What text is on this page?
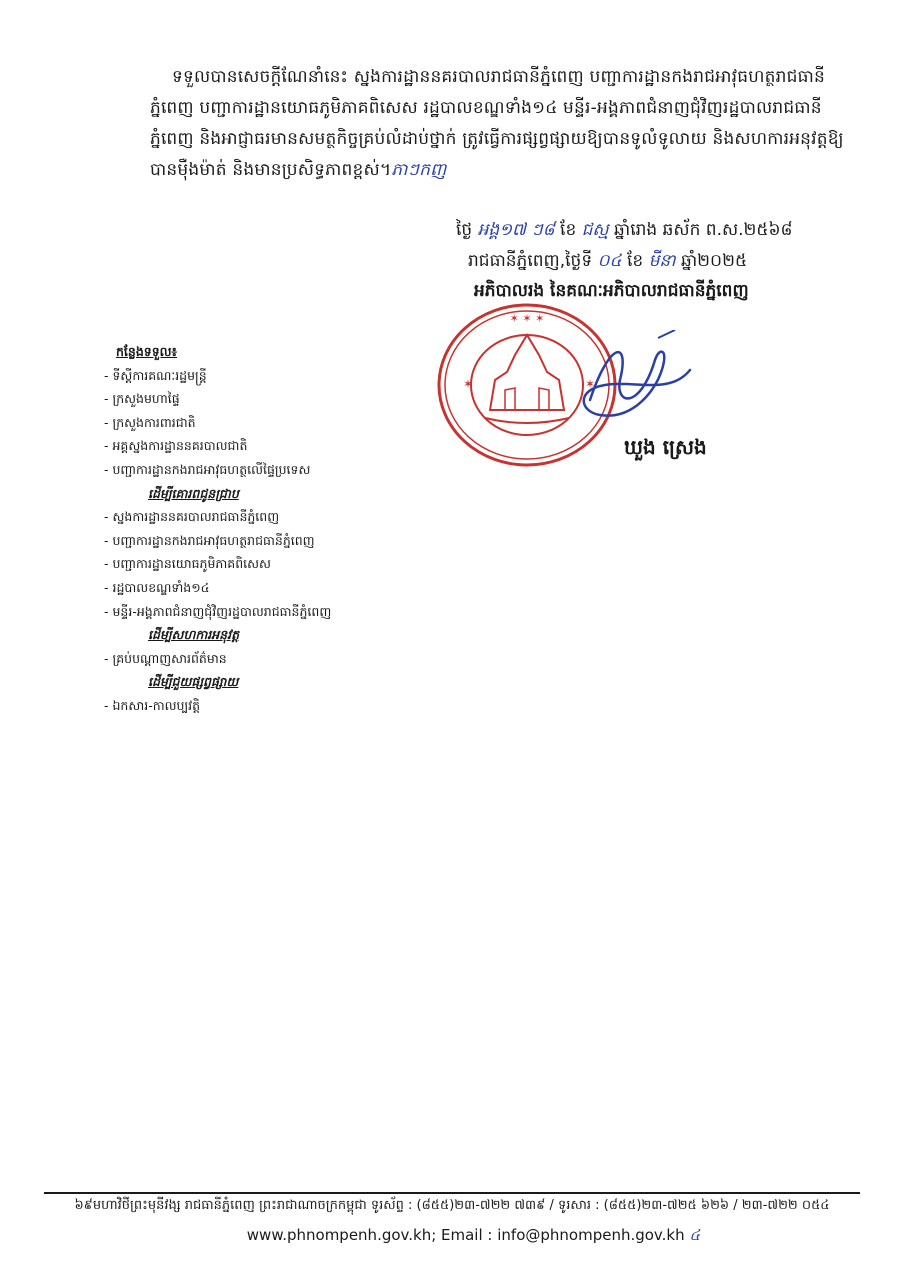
ទទួលបានសេចក្តីណែនាំនេះ ស្នងការដ្ឋាននគរបាលរាជធានីភ្នំពេញ បញ្ជាការដ្ឋានកងរាជអាវុធហត្ថរាជធានីភ្នំពេញ បញ្ជាការដ្ឋានយោធភូមិភាគពិសេស រដ្ឋបាលខណ្ឌទាំង១៤ មន្ទីរ-អង្គភាពជំនាញជុំវិញរដ្ឋបាលរាជធានីភ្នំពេញ និងអាជ្ញាធរមានសមត្ថកិច្ចគ្រប់លំដាប់ថ្នាក់ ត្រូវធ្វើការផ្សព្វផ្សាយឱ្យបានទូលំទូលាយ និងសហការអនុវត្តឱ្យបានម៉ឺងម៉ាត់ និងមានប្រសិទ្ធភាពខ្ពស់។ភាៗកញ
ថ្ងៃ អង្គ១៧ ៗ៨ ខែ ជស្ម ឆ្នាំរោង ឆស័ក ព.ស.២៥៦៨
រាជធានីភ្នំពេញ,ថ្ងៃទី ០៤ ខែ មីនា ឆ្នាំ២០២៥
អភិបាលរង នៃគណៈអភិបាលរាជធានីភ្នំពេញ
✶ ✶ ✶
✶	✶
ឃួង ស្រេង
កន្លែងទទួល៖
- ទីស្តីការគណៈរដ្ឋមន្ត្រី
- ក្រសួងមហាផ្ទៃ
- ក្រសួងការពារជាតិ
- អគ្គស្នងការដ្ឋាននគរបាលជាតិ
- បញ្ជាការដ្ឋានកងរាជអាវុធហត្ថលើផ្ទៃប្រទេស
ដើម្បីគោរពជូនជ្រាប
- ស្នងការដ្ឋាននគរបាលរាជធានីភ្នំពេញ
- បញ្ជាការដ្ឋានកងរាជអាវុធហត្ថរាជធានីភ្នំពេញ
- បញ្ជាការដ្ឋានយោធភូមិភាគពិសេស
- រដ្ឋបាលខណ្ឌទាំង១៤
- មន្ទីរ-អង្គភាពជំនាញជុំវិញរដ្ឋបាលរាជធានីភ្នំពេញ
ដើម្បីសហការអនុវត្ត
- គ្រប់បណ្តាញសារព័ត៌មាន
ដើម្បីជួយផ្សព្វផ្សាយ
- ឯកសារ-កាលប្បវត្តិ
៦៩មហាវិថីព្រះមុនីវង្ស រាជធានីភ្នំពេញ ព្រះរាជាណាចក្រកម្ពុជា ទូរស័ព្ទ : (៨៥៥)២៣-៧២២ ៧៣៩ / ទូរសារ : (៨៥៥)២៣-៧២៥ ៦២៦ / ២៣-៧២២ ០៥៤
www.phnompenh.gov.kh; Email : info@phnompenh.gov.kh ៤
